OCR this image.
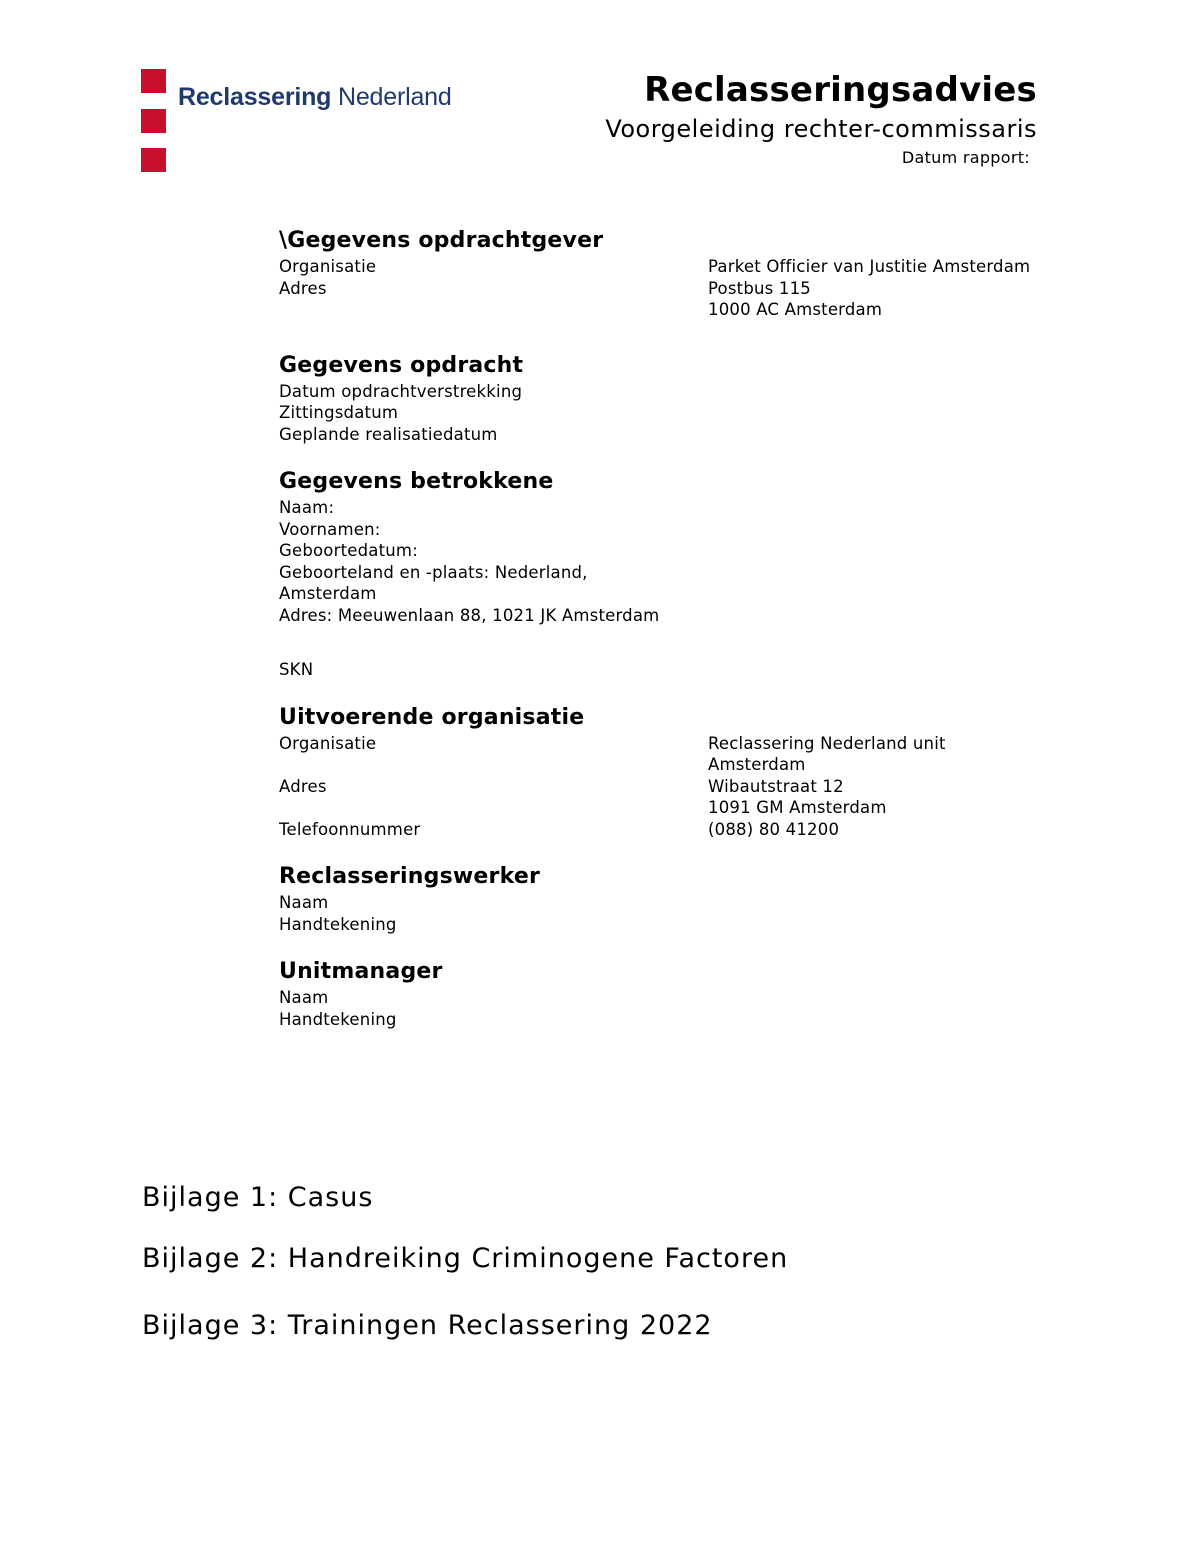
Reclassering Nederland	Reclasseringsadvies
Voorgeleiding rechter-commissaris
Datum rapport:
\Gegevens opdrachtgever
Organisatie	Parket Officier van Justitie Amsterdam
Adres	Postbus 115
1000 AC Amsterdam
Gegevens opdracht
Datum opdrachtverstrekking
Zittingsdatum
Geplande realisatiedatum
Gegevens betrokkene
Naam:
Voornamen:
Geboortedatum:
Geboorteland en -plaats: Nederland,
Amsterdam
Adres: Meeuwenlaan 88, 1021 JK Amsterdam
SKN
Uitvoerende organisatie
Organisatie	Reclassering Nederland unit Amsterdam
Adres	Wibautstraat 12
1091 GM Amsterdam
Telefoonnummer	(088) 80 41200
Reclasseringswerker
Naam
Handtekening
Unitmanager
Naam
Handtekening
Bijlage 1: Casus
Bijlage 2: Handreiking Criminogene Factoren
Bijlage 3: Trainingen Reclassering 2022
